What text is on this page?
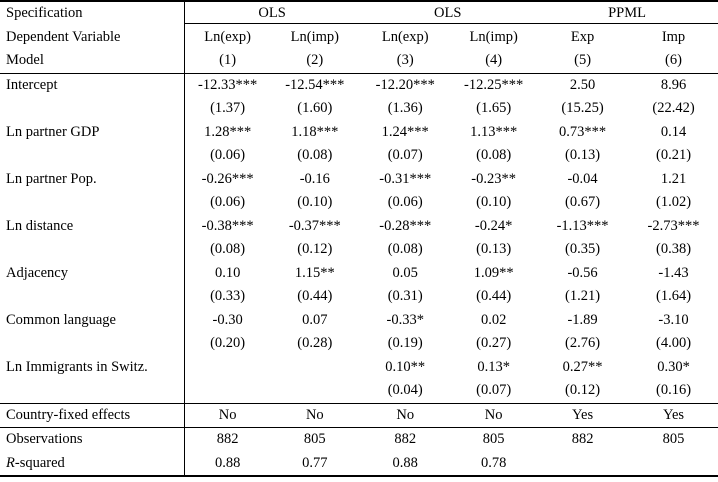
Specification	OLS		OLS		PPML	
Dependent Variable	Ln(exp)	Ln(imp)	Ln(exp)	Ln(imp)	Exp	Imp
Model	(1)	(2)	(3)	(4)	(5)	(6)
Intercept	-12.33***	-12.54***	-12.20***	-12.25***	2.50	8.96
	(1.37)	(1.60)	(1.36)	(1.65)	(15.25)	(22.42)
Ln partner GDP	1.28***	1.18***	1.24***	1.13***	0.73***	0.14
	(0.06)	(0.08)	(0.07)	(0.08)	(0.13)	(0.21)
Ln partner Pop.	-0.26***	-0.16	-0.31***	-0.23**	-0.04	1.21
	(0.06)	(0.10)	(0.06)	(0.10)	(0.67)	(1.02)
Ln distance	-0.38***	-0.37***	-0.28***	-0.24*	-1.13***	-2.73***
	(0.08)	(0.12)	(0.08)	(0.13)	(0.35)	(0.38)
Adjacency	0.10	1.15**	0.05	1.09**	-0.56	-1.43
	(0.33)	(0.44)	(0.31)	(0.44)	(1.21)	(1.64)
Common language	-0.30	0.07	-0.33*	0.02	-1.89	-3.10
	(0.20)	(0.28)	(0.19)	(0.27)	(2.76)	(4.00)
Ln Immigrants in Switz.			0.10**	0.13*	0.27**	0.30*
			(0.04)	(0.07)	(0.12)	(0.16)
Country-fixed effects	No	No	No	No	Yes	Yes
Observations	882	805	882	805	882	805
R-squared	0.88	0.77	0.88	0.78		
